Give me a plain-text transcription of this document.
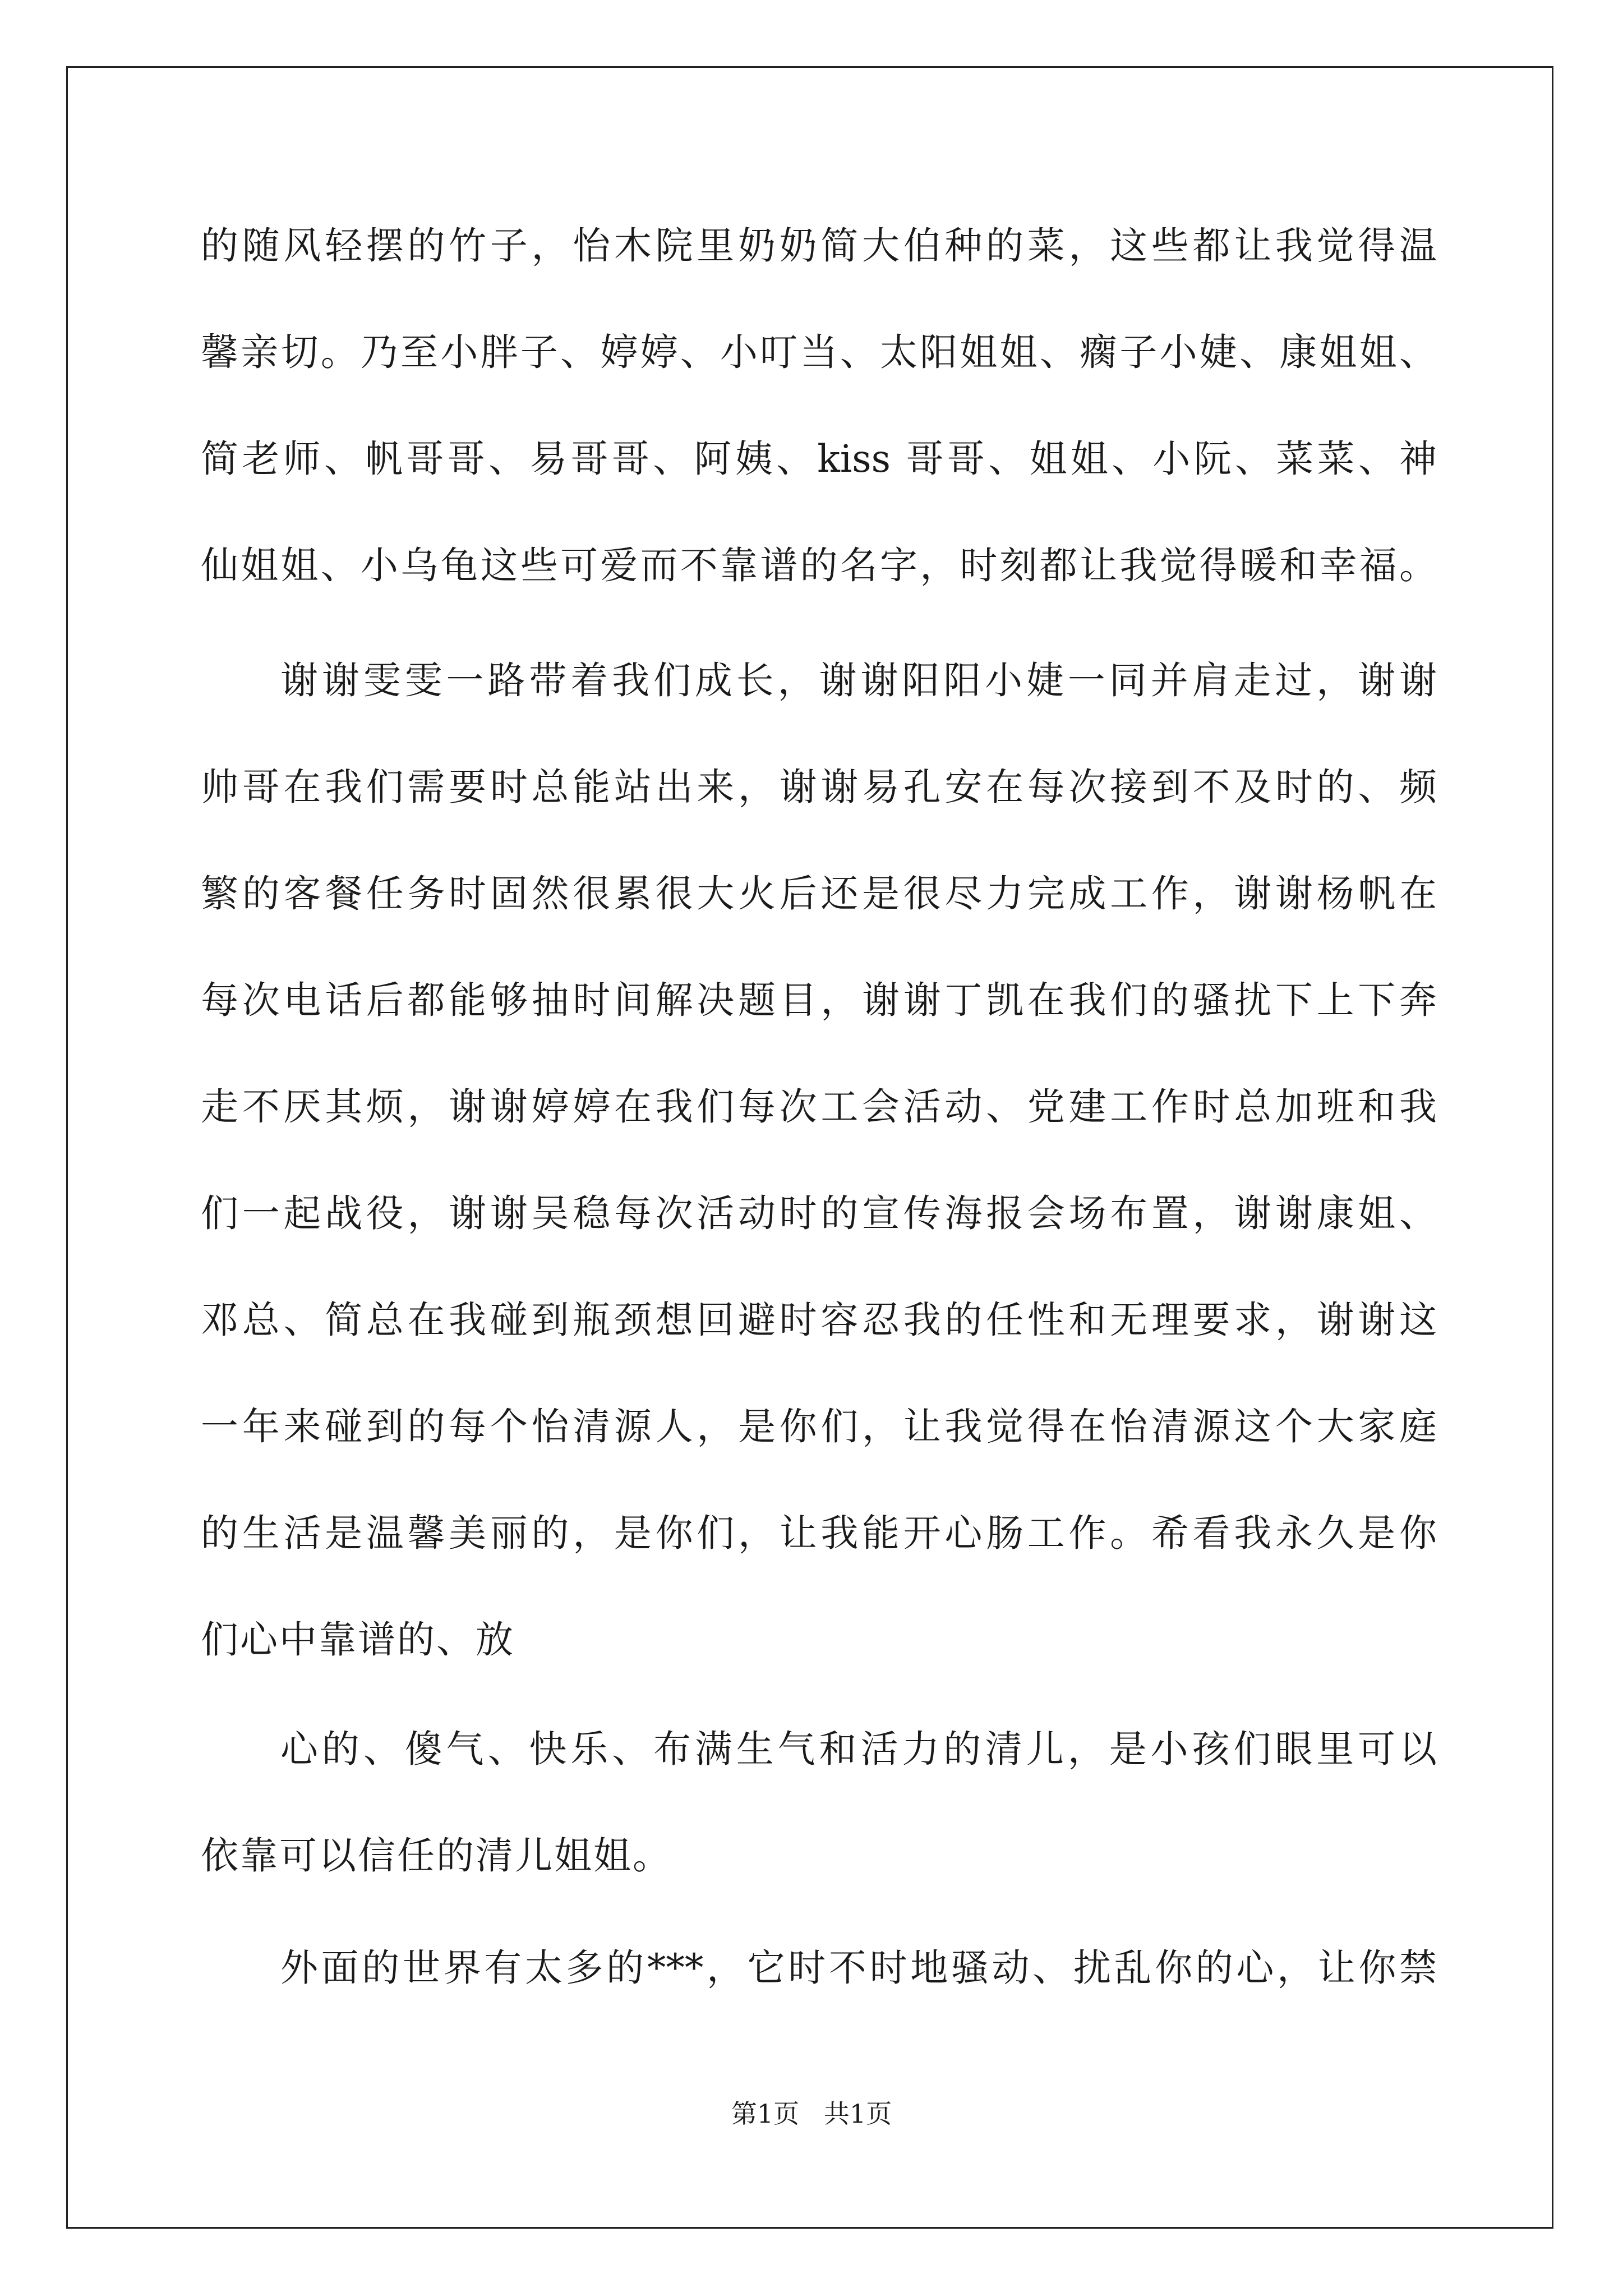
的随风轻摆的竹子，怡木院里奶奶简大伯种的菜，这些都让我觉得温
馨亲切。乃至小胖子、婷婷、小叮当、太阳姐姐、瘸子小婕、康姐姐、
简老师、帆哥哥、易哥哥、阿姨、kiss 哥哥、姐姐、小阮、菜菜、神
仙姐姐、小乌龟这些可爱而不靠谱的名字，时刻都让我觉得暖和幸福。
谢谢雯雯一路带着我们成长，谢谢阳阳小婕一同并肩走过，谢谢
帅哥在我们需要时总能站出来，谢谢易孔安在每次接到不及时的、频
繁的客餐任务时固然很累很大火后还是很尽力完成工作，谢谢杨帆在
每次电话后都能够抽时间解决题目，谢谢丁凯在我们的骚扰下上下奔
走不厌其烦，谢谢婷婷在我们每次工会活动、党建工作时总加班和我
们一起战役，谢谢吴稳每次活动时的宣传海报会场布置，谢谢康姐、
邓总、简总在我碰到瓶颈想回避时容忍我的任性和无理要求，谢谢这
一年来碰到的每个怡清源人，是你们，让我觉得在怡清源这个大家庭
的生活是温馨美丽的，是你们，让我能开心肠工作。希看我永久是你
们心中靠谱的、放
心的、傻气、快乐、布满生气和活力的清儿，是小孩们眼里可以
依靠可以信任的清儿姐姐。
外面的世界有太多的***，它时不时地骚动、扰乱你的心，让你禁
第1页   共1页
